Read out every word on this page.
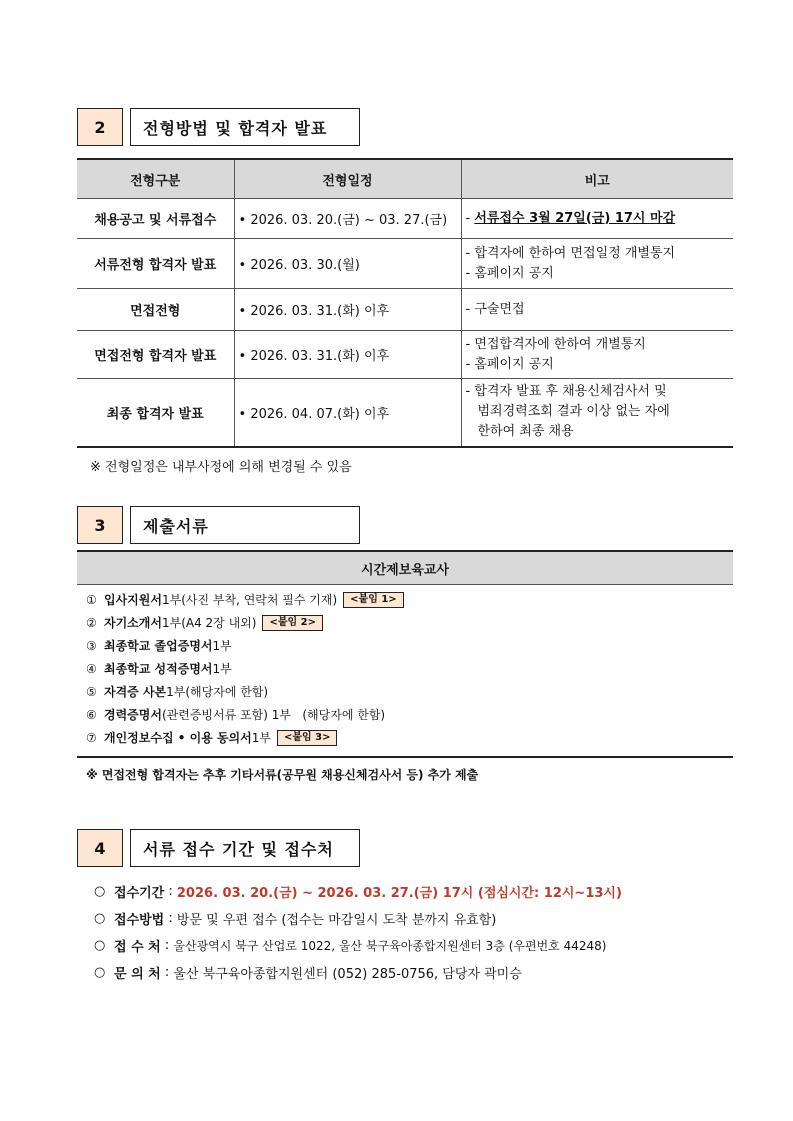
2	전형방법 및 합격자 발표
전형구분	전형일정	비고
채용공고 및 서류접수	• 2026. 03. 20.(금) ~ 03. 27.(금)	- 서류접수 3월 27일(금) 17시 마감

서류전형 합격자 발표	• 2026. 03. 30.(월)	- 합격자에 한하여 면접일정 개별통지
- 홈페이지 공지

면접전형	• 2026. 03. 31.(화) 이후	- 구술면접

면접전형 합격자 발표	• 2026. 03. 31.(화) 이후	- 면접합격자에 한하여 개별통지
- 홈페이지 공지

최종 합격자 발표	• 2026. 04. 07.(화) 이후	- 합격자 발표 후 채용신체검사서 및
범죄경력조회 결과 이상 없는 자에
한하여 최종 채용
※ 전형일정은 내부사정에 의해 변경될 수 있음
3	제출서류
시간제보육교사
① 입사지원서 1부(사진 부착, 연락처 필수 기재)	<붙임 1>
② 자기소개서 1부(A4 2장 내외)	<붙임 2>
③ 최종학교 졸업증명서 1부
④ 최종학교 성적증명서 1부
⑤ 자격증 사본 1부(해당자에 한함)
⑥ 경력증명서 (관련증빙서류 포함) 1부   (해당자에 한함)
⑦ 개인정보수집 • 이용 동의서 1부	<붙임 3>
※ 면접전형 합격자는 추후 기타서류(공무원 채용신체검사서 등) 추가 제출
4	서류 접수 기간 및 접수처
○ 접수기간 : 2026. 03. 20.(금) ~ 2026. 03. 27.(금) 17시 (점심시간: 12시~13시)
○ 접수방법 : 방문 및 우편 접수 (접수는 마감일시 도착 분까지 유효함)
○ 접 수 처 : 울산광역시 북구 산업로 1022, 울산 북구육아종합지원센터 3층 (우편번호 44248)
○ 문 의 처 : 울산 북구육아종합지원센터 (052) 285-0756, 담당자 곽미승
